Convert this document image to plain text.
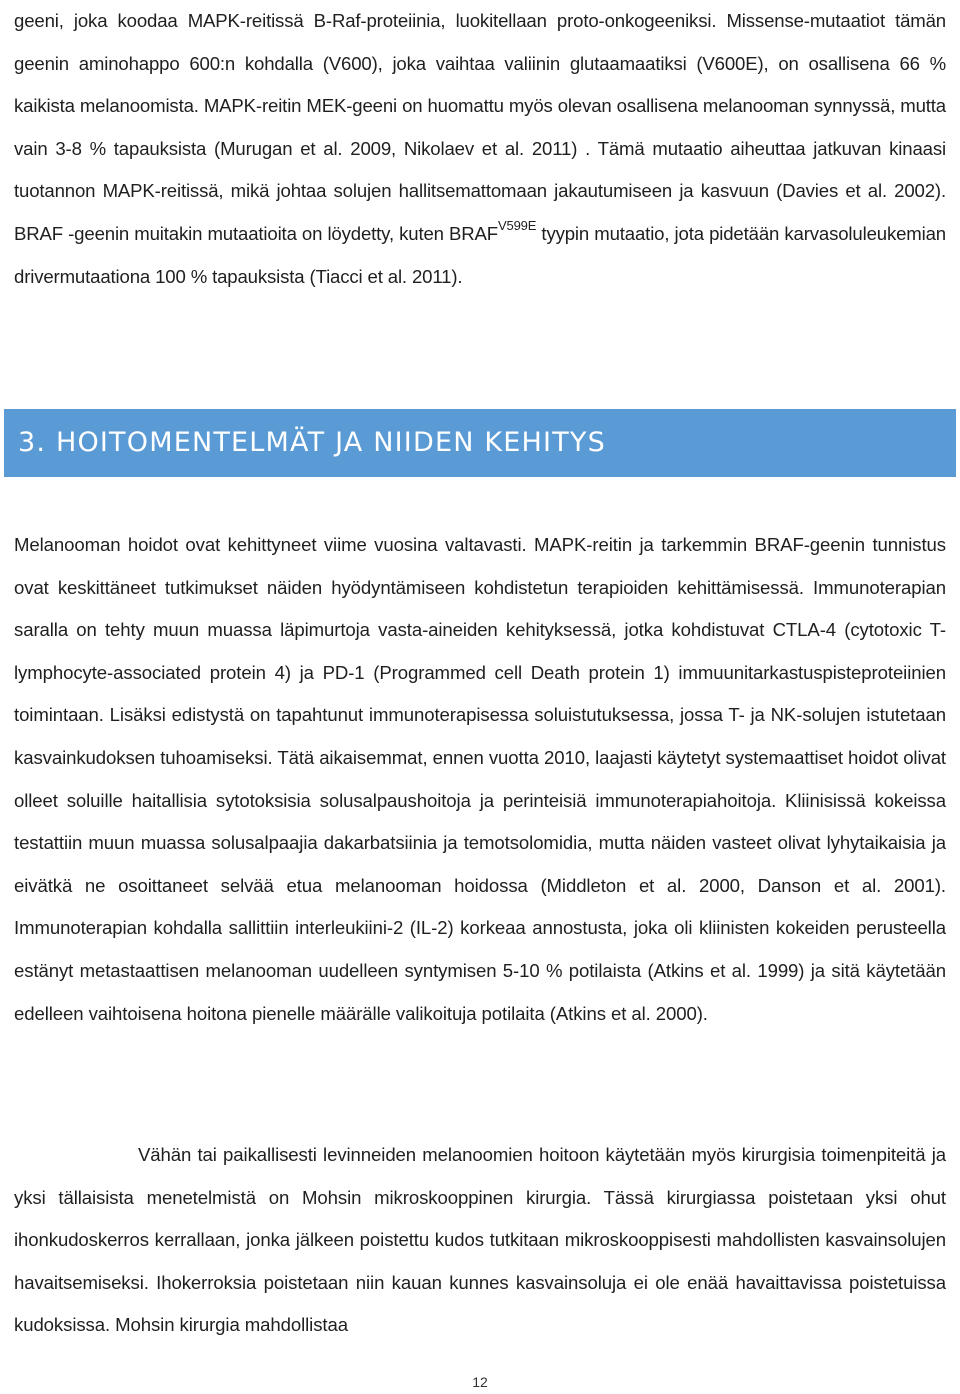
geeni, joka koodaa MAPK-reitissä B-Raf-proteiinia, luokitellaan proto-onkogeeniksi. Missense-mutaatiot tämän geenin aminohappo 600:n kohdalla (V600), joka vaihtaa valiinin glutaamaatiksi (V600E), on osallisena 66 % kaikista melanoomista. MAPK-reitin MEK-geeni on huomattu myös olevan osallisena melanooman synnyssä, mutta vain 3-8 % tapauksista (Murugan et al. 2009, Nikolaev et al. 2011) . Tämä mutaatio aiheuttaa jatkuvan kinaasi tuotannon MAPK-reitissä, mikä johtaa solujen hallitsemattomaan jakautumiseen ja kasvuun (Davies et al. 2002). BRAF -geenin muitakin mutaatioita on löydetty, kuten $BRAF^{V599E}$ tyypin mutaatio, jota pidetään karvasoluleukemian drivermutaationa 100 % tapauksista (Tiacci et al. 2011).

3. HOITOMENTELMÄT JA NIIDEN KEHITYS

Melanooman hoidot ovat kehittyneet viime vuosina valtavasti. MAPK-reitin ja tarkemmin BRAF-geenin tunnistus ovat keskittäneet tutkimukset näiden hyödyntämiseen kohdistetun terapioiden kehittämisessä. Immunoterapian saralla on tehty muun muassa läpimurtoja vasta-aineiden kehityksessä, jotka kohdistuvat CTLA-4 (cytotoxic T-lymphocyte-associated protein 4) ja PD-1 (Programmed cell Death protein 1) immuunitarkastuspisteproteiinien toimintaan. Lisäksi edistystä on tapahtunut immunoterapisessa soluistutuksessa, jossa T- ja NK-solujen istutetaan kasvainkudoksen tuhoamiseksi. Tätä aikaisemmat, ennen vuotta 2010, laajasti käytetyt systemaattiset hoidot olivat olleet soluille haitallisia sytotoksisia solusalpaushoitoja ja perinteisiä immunoterapiahoitoja. Kliinisissä kokeissa testattiin muun muassa solusalpaajia dakarbatsiinia ja temotsolomidia, mutta näiden vasteet olivat lyhytaikaisia ja eivätkä ne osoittaneet selvää etua melanooman hoidossa (Middleton et al. 2000, Danson et al. 2001). Immunoterapian kohdalla sallittiin interleukiini-2 (IL-2) korkeaa annostusta, joka oli kliinisten kokeiden perusteella estänyt metastaattisen melanooman uudelleen syntymisen 5-10 % potilaista (Atkins et al. 1999) ja sitä käytetään edelleen vaihtoisena hoitona pienelle määrälle valikoituja potilaita (Atkins et al. 2000).

Vähän tai paikallisesti levinneiden melanoomien hoitoon käytetään myös kirurgisia toimenpiteitä ja yksi tällaisista menetelmistä on Mohsin mikroskooppinen kirurgia. Tässä kirurgiassa poistetaan yksi ohut ihonkudoskerros kerrallaan, jonka jälkeen poistettu kudos tutkitaan mikroskooppisesti mahdollisten kasvainsolujen havaitsemiseksi. Ihokerroksia poistetaan niin kauan kunnes kasvainsoluja ei ole enää havaittavissa poistetuissa kudoksissa. Mohsin kirurgia mahdollistaa

12
